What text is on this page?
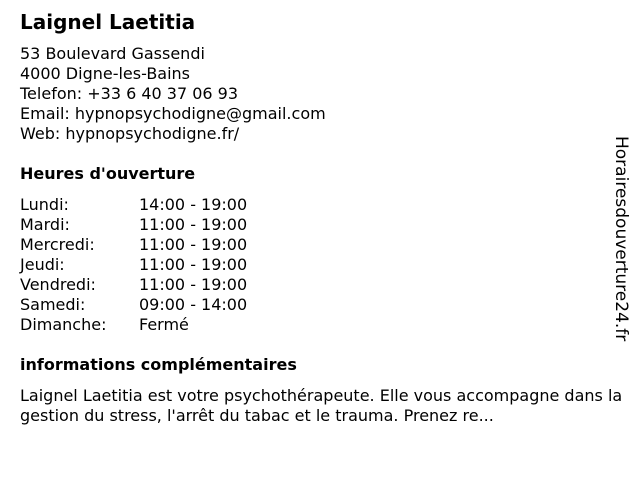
Laignel Laetitia
53 Boulevard Gassendi
4000 Digne-les-Bains
Telefon: +33 6 40 37 06 93
Email: hypnopsychodigne@gmail.com
Web: hypnopsychodigne.fr/
Heures d'ouverture
Lundi:	14:00 - 19:00
Mardi:	11:00 - 19:00
Mercredi:	11:00 - 19:00
Jeudi:	11:00 - 19:00
Vendredi:	11:00 - 19:00
Samedi:	09:00 - 14:00
Dimanche:	Fermé
informations complémentaires
Laignel Laetitia est votre psychothérapeute. Elle vous accompagne dans la gestion du stress, l'arrêt du tabac et le trauma. Prenez re...
Horairesdouverture24.fr
